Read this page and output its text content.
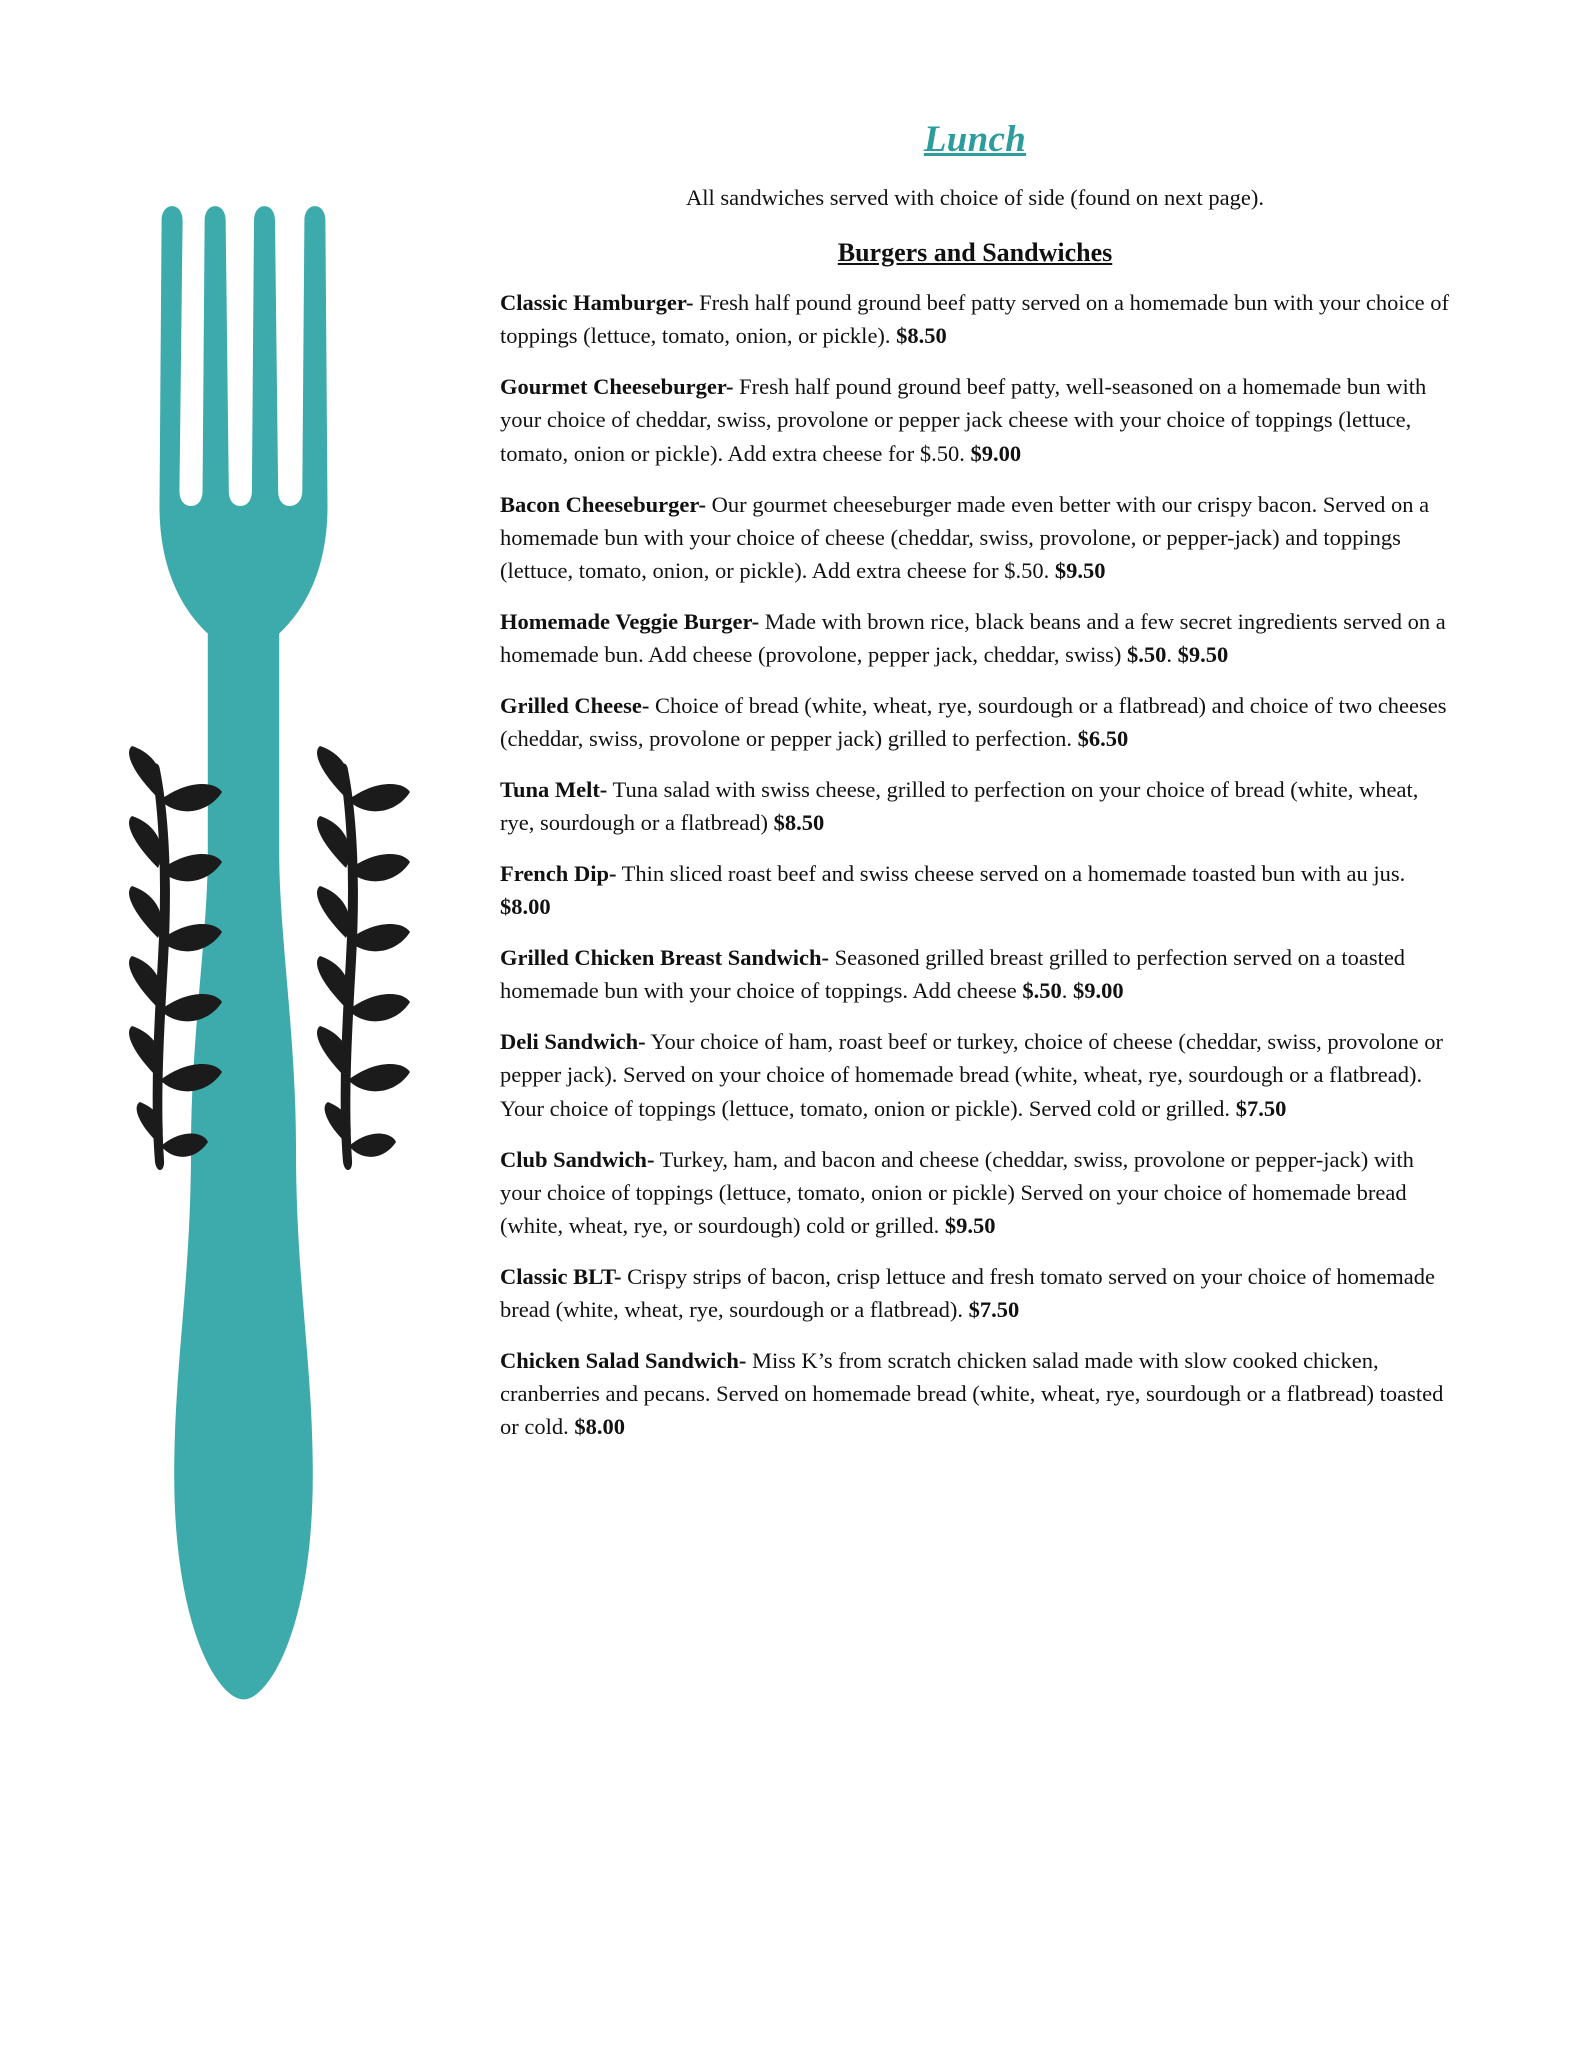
Lunch

All sandwiches served with choice of side (found on next page).

Burgers and Sandwiches

Classic Hamburger- Fresh half pound ground beef patty served on a homemade bun with your choice of toppings (lettuce, tomato, onion, or pickle). $8.50

Gourmet Cheeseburger- Fresh half pound ground beef patty, well-seasoned on a homemade bun with your choice of cheddar, swiss, provolone or pepper jack cheese with your choice of toppings (lettuce, tomato, onion or pickle). Add extra cheese for $.50. $9.00

Bacon Cheeseburger- Our gourmet cheeseburger made even better with our crispy bacon. Served on a homemade bun with your choice of cheese (cheddar, swiss, provolone, or pepper-jack) and toppings (lettuce, tomato, onion, or pickle). Add extra cheese for $.50. $9.50

Homemade Veggie Burger- Made with brown rice, black beans and a few secret ingredients served on a homemade bun. Add cheese (provolone, pepper jack, cheddar, swiss) $.50. $9.50

Grilled Cheese- Choice of bread (white, wheat, rye, sourdough or a flatbread) and choice of two cheeses (cheddar, swiss, provolone or pepper jack) grilled to perfection. $6.50

Tuna Melt- Tuna salad with swiss cheese, grilled to perfection on your choice of bread (white, wheat, rye, sourdough or a flatbread) $8.50

French Dip- Thin sliced roast beef and swiss cheese served on a homemade toasted bun with au jus. $8.00

Grilled Chicken Breast Sandwich- Seasoned grilled breast grilled to perfection served on a toasted homemade bun with your choice of toppings. Add cheese $.50. $9.00

Deli Sandwich- Your choice of ham, roast beef or turkey, choice of cheese (cheddar, swiss, provolone or pepper jack). Served on your choice of homemade bread (white, wheat, rye, sourdough or a flatbread). Your choice of toppings (lettuce, tomato, onion or pickle). Served cold or grilled. $7.50

Club Sandwich- Turkey, ham, and bacon and cheese (cheddar, swiss, provolone or pepper-jack) with your choice of toppings (lettuce, tomato, onion or pickle) Served on your choice of homemade bread (white, wheat, rye, or sourdough) cold or grilled. $9.50

Classic BLT- Crispy strips of bacon, crisp lettuce and fresh tomato served on your choice of homemade bread (white, wheat, rye, sourdough or a flatbread). $7.50

Chicken Salad Sandwich- Miss K’s from scratch chicken salad made with slow cooked chicken, cranberries and pecans. Served on homemade bread (white, wheat, rye, sourdough or a flatbread) toasted or cold. $8.00
